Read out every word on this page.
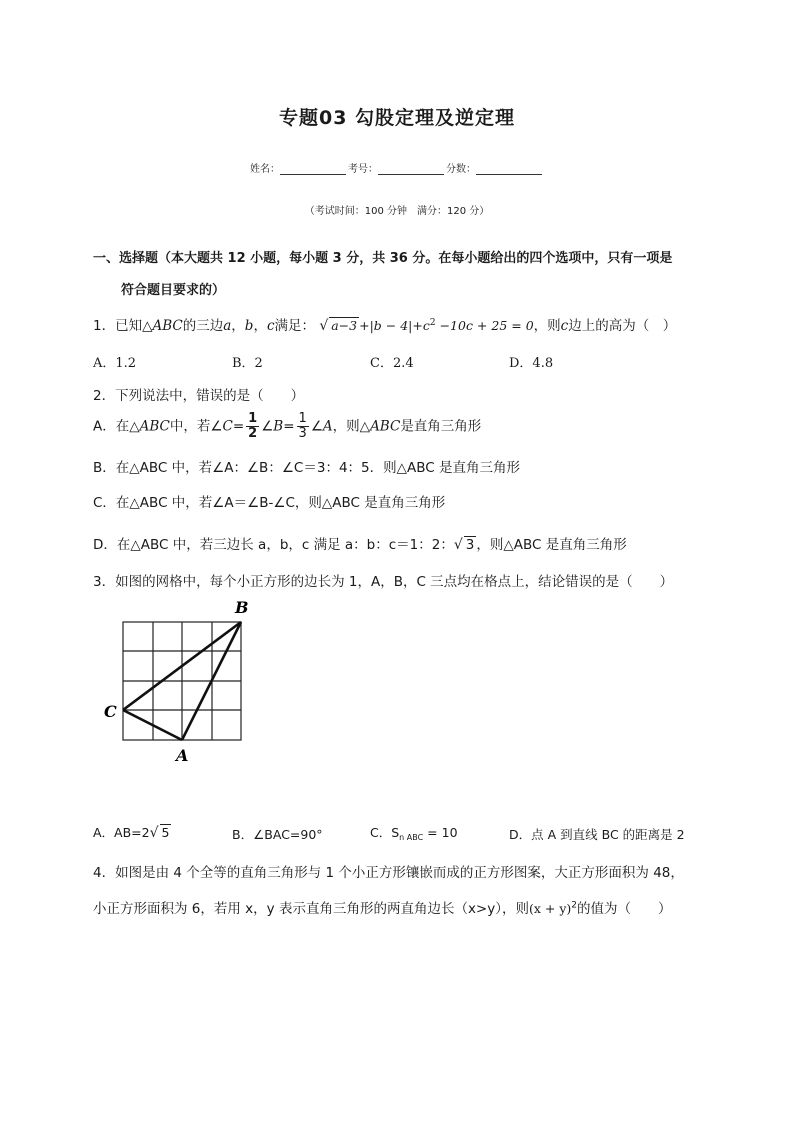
专题03 勾股定理及逆定理
姓名：	考号：	分数：
（考试时间：100 分钟 满分：120 分）
一、选择题（本大题共 12 小题，每小题 3 分，共 36 分。在每小题给出的四个选项中，只有一项是
符合题目要求的）
1．已知△ABC的三边a，b，c满足： √ $a-3 +|b - 4|+c^2 -10c + 25 = 0$，则c边上的高为（　）
A．1.2	B．2	C．2.4	D．4.8
2．下列说法中，错误的是（　　）
A．在△ABC中，若∠C= $\frac{1}{2}$ ∠B= $\frac{1}{3}$ ∠A，则△ABC是直角三角形
B．在△ABC 中，若∠A：∠B：∠C＝3：4：5．则△ABC 是直角三角形
C．在△ABC 中，若∠A＝∠B-∠C，则△ABC 是直角三角形
D．在△ABC 中，若三边长 a，b，c 满足 a：b：c＝1：2：√ 3 ，则△ABC 是直角三角形
3．如图的网格中，每个小正方形的边长为 1，A，B，C 三点均在格点上，结论错误的是（　　）
B
C
A
A．AB=2√ 5	B．∠BAC=90°	C．$S_{n ABC} = 10$	D．点 A 到直线 BC 的距离是 2
4．如图是由 4 个全等的直角三角形与 1 个小正方形镶嵌而成的正方形图案，大正方形面积为 48，
小正方形面积为 6，若用 x，y 表示直角三角形的两直角边长（x>y），则$(x + y)^2$的值为（　　）
